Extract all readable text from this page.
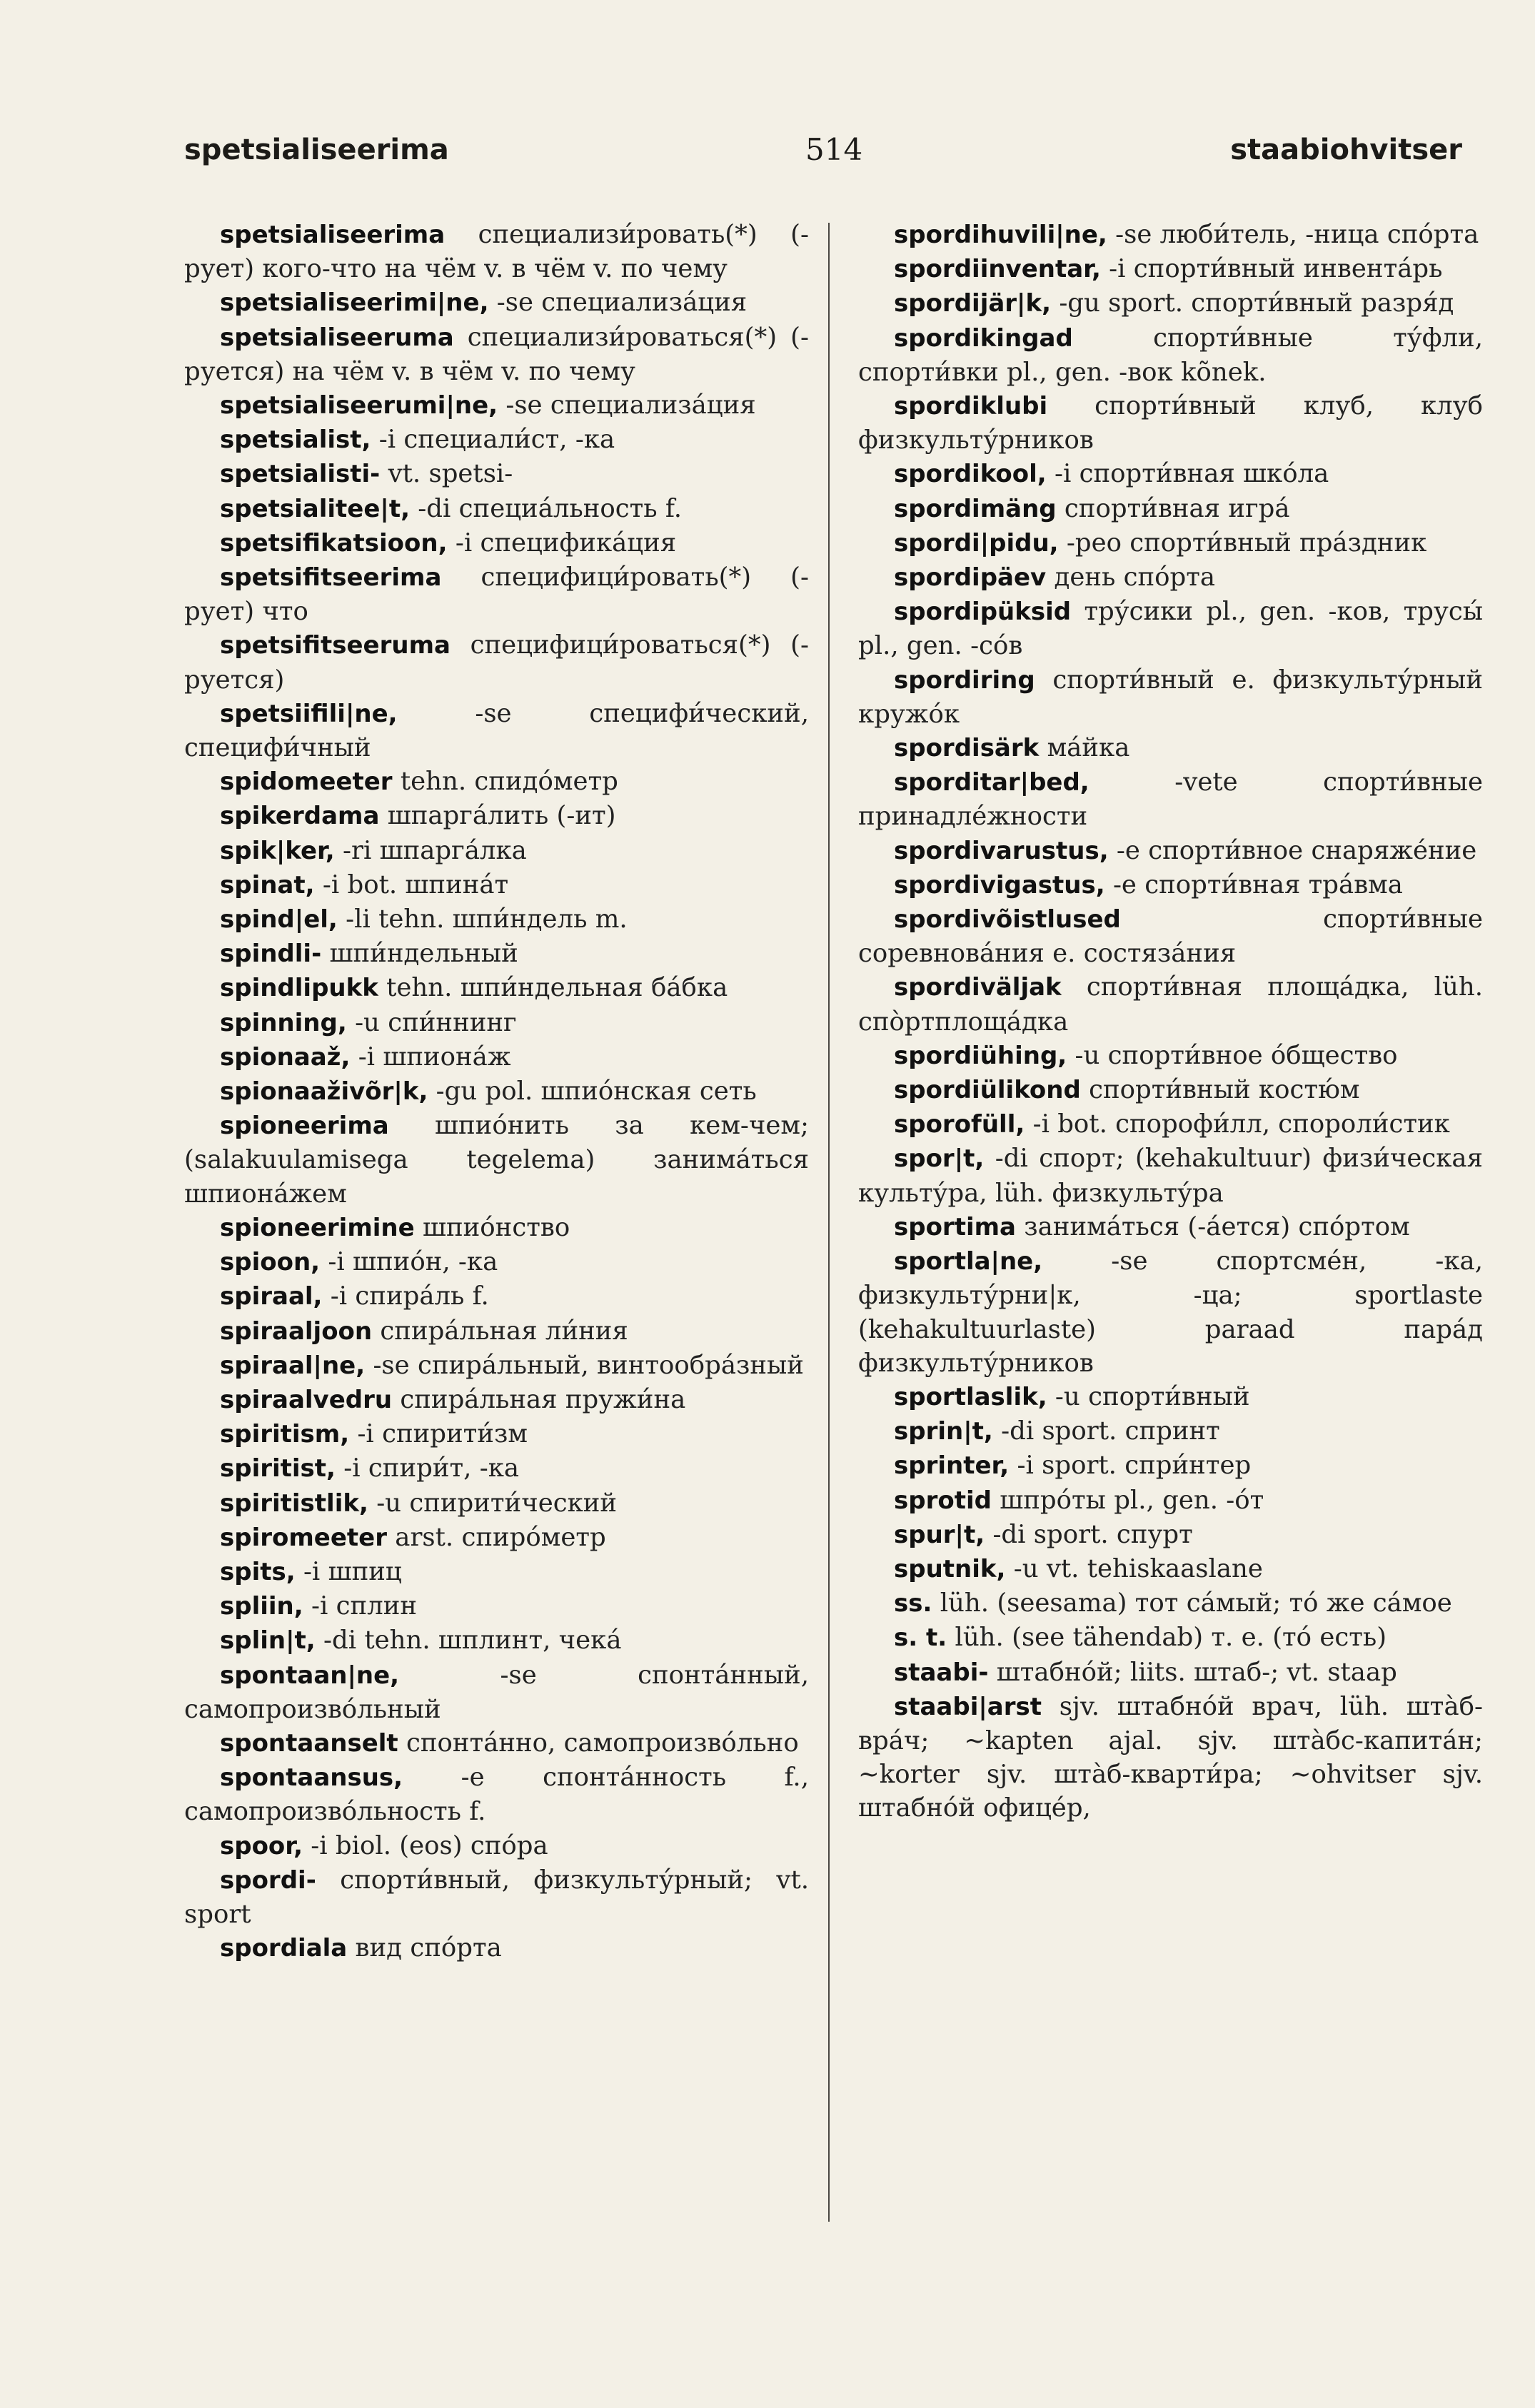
spetsialiseerima	514	staabiohvitser

spetsialiseerima специализи́ровать(*) (-рует) кого-что на чём v. в чём v. по чему

spetsialiseerimi|ne, -se специализа́ция

spetsialiseeruma специализи́роваться(*) (-руется) на чём v. в чём v. по чему

spetsialiseerumi|ne, -se специализа́ция

spetsialist, -i специали́ст, -ка

spetsialisti- vt. spetsi-

spetsialitee|t, -di специа́льность f.

spetsifikatsioon, -i специфика́ция

spetsifitseerima специфици́ровать(*) (-рует) что

spetsifitseeruma специфици́роваться(*) (-руется)

spetsiifili|ne,	-se специфи́ческий, специфи́чный

spidomeeter tehn. спидо́метр

spikerdama шпарга́лить (-ит)

spik|ker, -ri шпарга́лка

spinat, -i bot. шпина́т

spind|el, -li tehn. шпи́ндель m.

spindli- шпи́ндельный

spindlipukk tehn. шпи́ндельная ба́бка

spinning, -u спи́ннинг

spionaaž, -i шпиона́ж

spionaaživõr|k, -gu pol. шпио́нская сеть

spioneerima шпио́нить за кем-чем; (salakuulamisega tegelema) занима́ться шпиона́жем

spioneerimine шпио́нство

spioon, -i шпио́н, -ка

spiraal, -i спира́ль f.

spiraaljoon спира́льная ли́ния

spiraal|ne, -se спира́льный, винтообра́зный

spiraalvedru спира́льная пружи́на

spiritism, -i спирити́зм

spiritist, -i спири́т, -ка

spiritistlik, -u спирити́ческий

spiromeeter arst. спиро́метр

spits, -i шпиц

spliin, -i сплин

splin|t, -di tehn. шплинт, чека́

spontaan|ne,	-se спонта́нный, самопроизво́льный

spontaanselt спонта́нно, самопроизво́льно

spontaansus, -e спонта́нность f., самопроизво́льность f.

spoor, -i biol. (eos) спо́ра

spordi- спорти́вный, физкульту́рный; vt. sport

spordiala вид спо́рта

spordihuvili|ne, -se люби́тель, -ница спо́рта

spordiinventar, -i спорти́вный инвента́рь

spordijär|k, -gu sport. спорти́вный разря́д

spordikingad	спорти́вные ту́фли, спорти́вки pl., gen. -вок kõnek.

spordiklubi спорти́вный клуб, клуб физкульту́рников

spordikool, -i спорти́вная шко́ла

spordimäng спорти́вная игра́

spordi|pidu, -peo спорти́вный пра́здник

spordipäev день спо́рта

spordipüksid тру́сики pl., gen. -ков, трусы́ pl., gen. -со́в

spordiring спорти́вный e. физкульту́рный кружо́к

spordisärk ма́йка

sporditar|bed,	-vete спорти́вные принадле́жности

spordivarustus, -e спорти́вное снаряже́ние

spordivigastus, -e спорти́вная тра́вма

spordivõistlused	спорти́вные соревнова́ния e. состяза́ния

spordiväljak спорти́вная площа́дка, lüh. спо̀ртплоща́дка

spordiühing, -u спорти́вное о́бщество

spordiülikond спорти́вный костю́м

sporofüll, -i bot. спорофи́лл, спороли́стик

spor|t, -di спорт; (kehakultuur) физи́ческая культу́ра, lüh. физкульту́ра

sportima занима́ться (-а́ется) спо́ртом

sportla|ne,	-se спортсме́н, -ка, физкульту́рни|к, -ца; sportlaste (kehakultuurlaste) paraad пара́д физкульту́рников

sportlaslik, -u спорти́вный

sprin|t, -di sport. спринт

sprinter, -i sport. спри́нтер

sprotid шпро́ты pl., gen. -о́т

spur|t, -di sport. спурт

sputnik, -u vt. tehiskaaslane

ss. lüh. (seesama) тот са́мый; то́ же са́мое

s. t. lüh. (see tähendab) т. е. (то́ есть)

staabi- штабно́й; liits. штаб-; vt. staap

staabi|arst sjv. штабно́й врач, lüh. шта̀б-вра́ч; ~kapten ajal. sjv. шта̀бс-капита́н; ~korter sjv. шта̀б-кварти́ра; ~ohvitser sjv. штабно́й офице́р,
